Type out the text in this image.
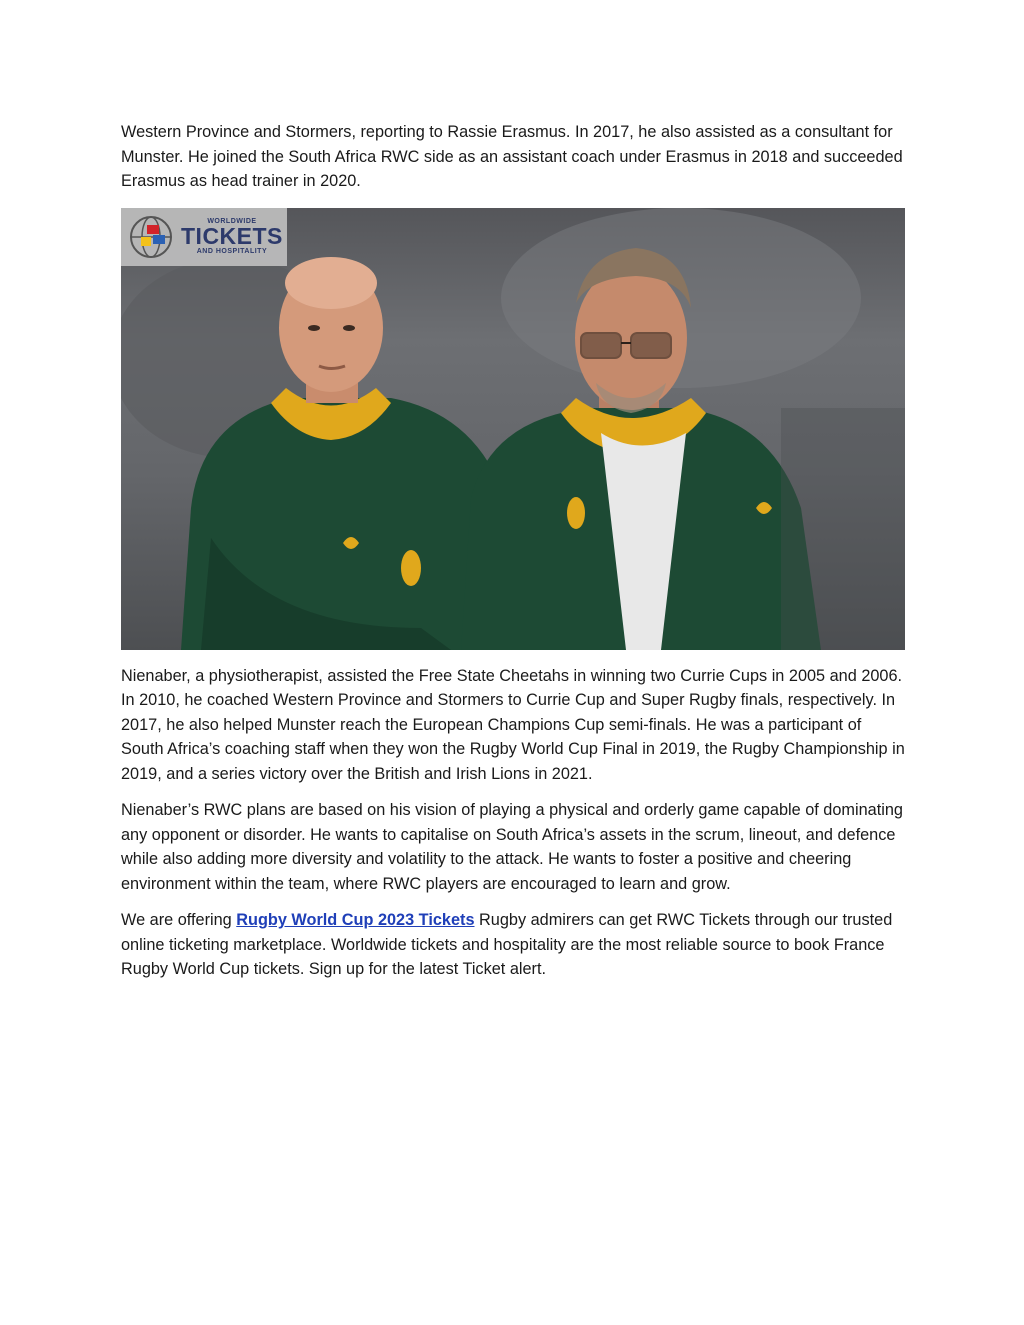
Western Province and Stormers, reporting to Rassie Erasmus. In 2017, he also assisted as a consultant for Munster. He joined the South Africa RWC side as an assistant coach under Erasmus in 2018 and succeeded Erasmus as head trainer in 2020.

WORLDWIDE
TICKETS
AND HOSPITALITY

Nienaber, a physiotherapist, assisted the Free State Cheetahs in winning two Currie Cups in 2005 and 2006. In 2010, he coached Western Province and Stormers to Currie Cup and Super Rugby finals, respectively. In 2017, he also helped Munster reach the European Champions Cup semi-finals. He was a participant of South Africa’s coaching staff when they won the Rugby World Cup Final in 2019, the Rugby Championship in 2019, and a series victory over the British and Irish Lions in 2021.

Nienaber’s RWC plans are based on his vision of playing a physical and orderly game capable of dominating any opponent or disorder. He wants to capitalise on South Africa’s assets in the scrum, lineout, and defence while also adding more diversity and volatility to the attack. He wants to foster a positive and cheering environment within the team, where RWC players are encouraged to learn and grow.

We are offering Rugby World Cup 2023 Tickets Rugby admirers can get RWC Tickets through our trusted online ticketing marketplace. Worldwide tickets and hospitality are the most reliable source to book France Rugby World Cup tickets. Sign up for the latest Ticket alert.
